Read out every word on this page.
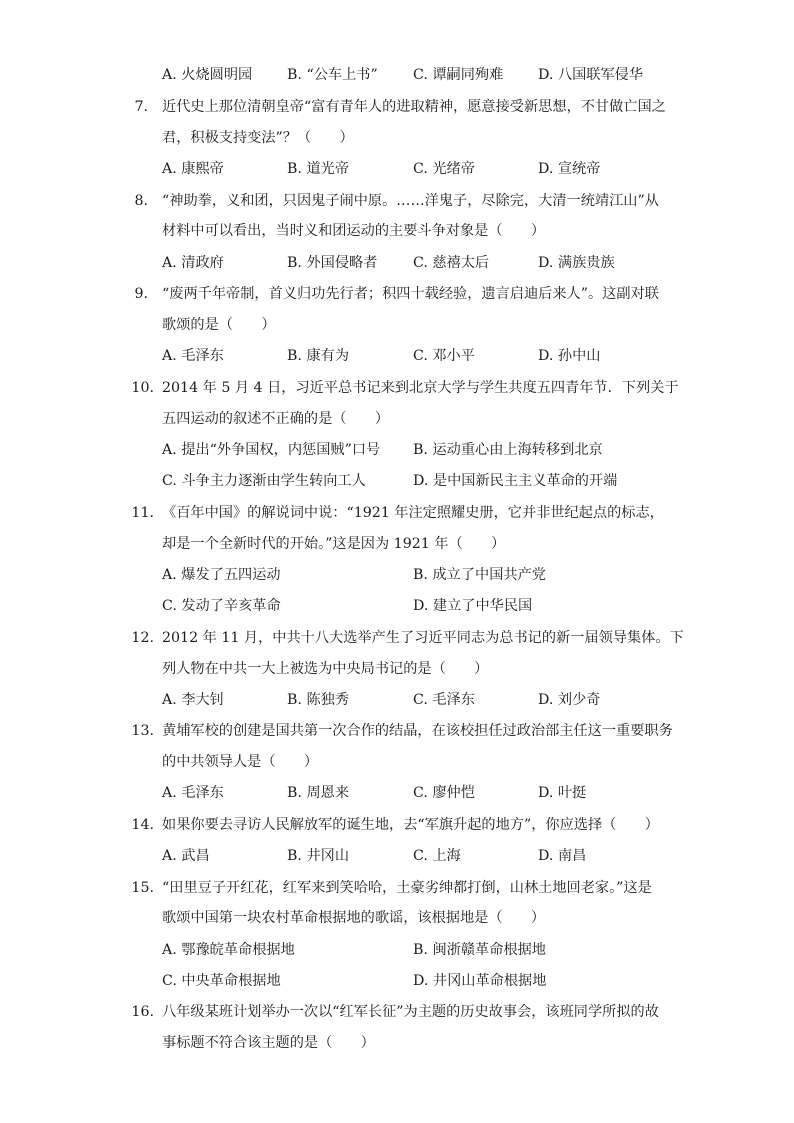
A. 火烧圆明园 B. “公车上书” C. 谭嗣同殉难 D. 八国联军侵华
7. 近代史上那位清朝皇帝“富有青年人的进取精神，愿意接受新思想，不甘做亡国之
君，积极支持变法”？（　　）
A. 康熙帝	B. 道光帝	C. 光绪帝	D. 宣统帝
8. “神助拳，义和团，只因鬼子闹中原。……洋鬼子，尽除完，大清一统靖江山”从
材料中可以看出，当时义和团运动的主要斗争对象是（　　）
A. 清政府	B. 外国侵略者	C. 慈禧太后	D. 满族贵族
9. “废两千年帝制，首义归功先行者；积四十载经验，遗言启迪后来人”。这副对联
歌颂的是（　　）
A. 毛泽东	B. 康有为	C. 邓小平	D. 孙中山
10. 2014 年 5 月 4 日，习近平总书记来到北京大学与学生共度五四青年节．下列关于
五四运动的叙述不正确的是（　　）
A. 提出“外争国权，内惩国贼”口号 B. 运动重心由上海转移到北京
C. 斗争主力逐渐由学生转向工人	D. 是中国新民主主义革命的开端
11. 《百年中国》的解说词中说：“1921 年注定照耀史册，它并非世纪起点的标志，
却是一个全新时代的开始。”这是因为 1921 年（　　）
A. 爆发了五四运动	B. 成立了中国共产党
C. 发动了辛亥革命	D. 建立了中华民国
12. 2012 年 11 月，中共十八大选举产生了习近平同志为总书记的新一届领导集体。下
列人物在中共一大上被选为中央局书记的是（　　）
A. 李大钊	B. 陈独秀	C. 毛泽东	D. 刘少奇
13. 黄埔军校的创建是国共第一次合作的结晶，在该校担任过政治部主任这一重要职务
的中共领导人是（　　）
A. 毛泽东	B. 周恩来	C. 廖仲恺	D. 叶挺
14. 如果你要去寻访人民解放军的诞生地，去“军旗升起的地方”，你应选择（　　）
A. 武昌	B. 井冈山	C. 上海	D. 南昌
15. “田里豆子开红花，红军来到笑哈哈，土豪劣绅都打倒，山林土地回老家。”这是
歌颂中国第一块农村革命根据地的歌谣，该根据地是（　　）
A. 鄂豫皖革命根据地	B. 闽浙赣革命根据地
C. 中央革命根据地	D. 井冈山革命根据地
16. 八年级某班计划举办一次以“红军长征”为主题的历史故事会，该班同学所拟的故
事标题不符合该主题的是（　　）
